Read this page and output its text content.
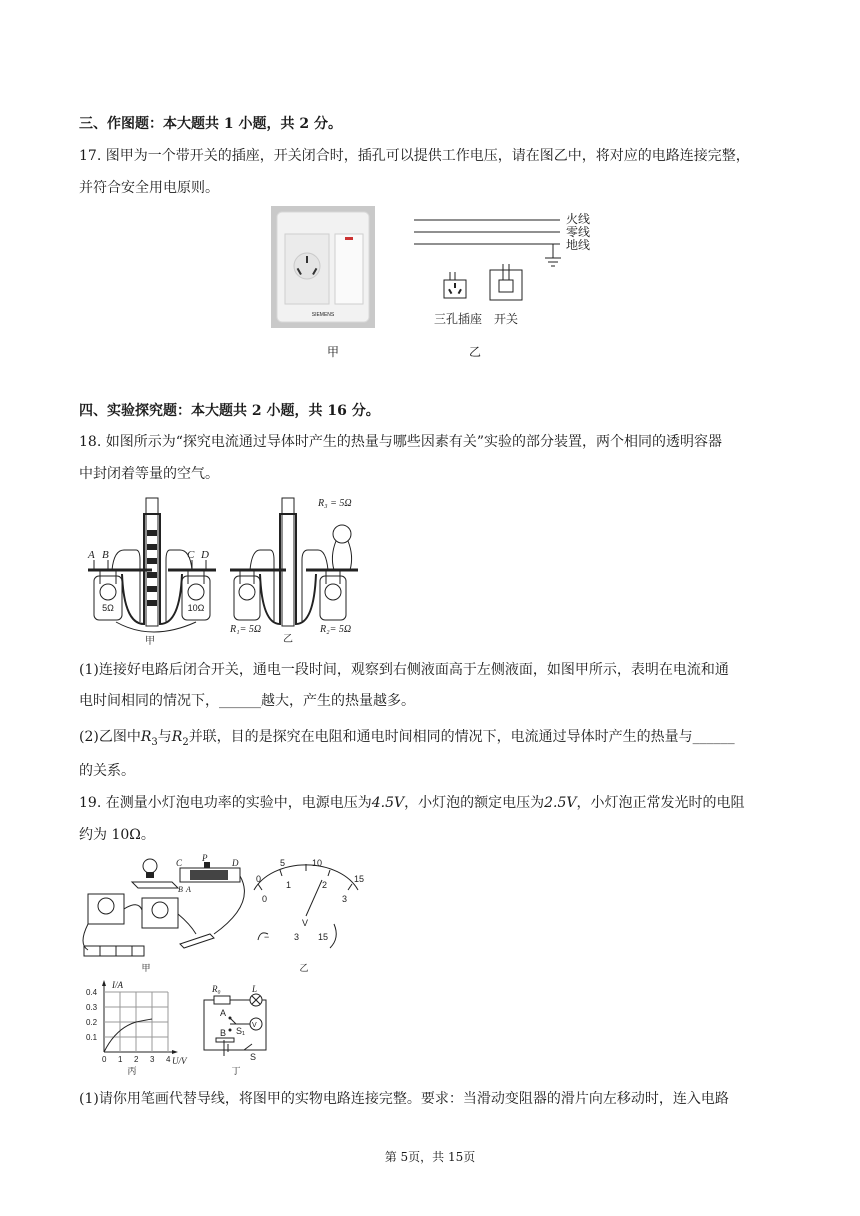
三、作图题：本大题共 1 小题，共 2 分。
17. 图甲为一个带开关的插座，开关闭合时，插孔可以提供工作电压，请在图乙中，将对应的电路连接完整，
并符合安全用电原则。
SIEMENS
甲
火线
零线
地线
三孔插座 开关
乙
四、实验探究题：本大题共 2 小题，共 16 分。
18. 如图所示为“探究电流通过导体时产生的热量与哪些因素有关”实验的部分装置，两个相同的透明容器
中封闭着等量的空气。
5Ω
A B
10Ω
C D
甲
R₃ = 5Ω
R₁= 5Ω	R₂= 5Ω
乙
(1)连接好电路后闭合开关，通电一段时间，观察到右侧液面高于左侧液面，如图甲所示，表明在电流和通
电时间相同的情况下，______越大，产生的热量越多。
(2)乙图中$R_3$与$R_2$并联，目的是探究在电阻和通电时间相同的情况下，电流通过导体时产生的热量与______
的关系。
19. 在测量小灯泡电功率的实验中，电源电压为4.5V，小灯泡的额定电压为2.5V，小灯泡正常发光时的电阻
约为 10Ω。
C P	D
B A
甲
0
5	10
15
0
1	2
3
V
−	3 15
乙
I/A
U/V
0.4
0.3
0.2
0.1
0 1 2 3 4
丙
R₀	L
A
B S₁
V
S
丁
(1)请你用笔画代替导线，将图甲的实物电路连接完整。要求：当滑动变阻器的滑片向左移动时，连入电路
第 5页，共 15页
